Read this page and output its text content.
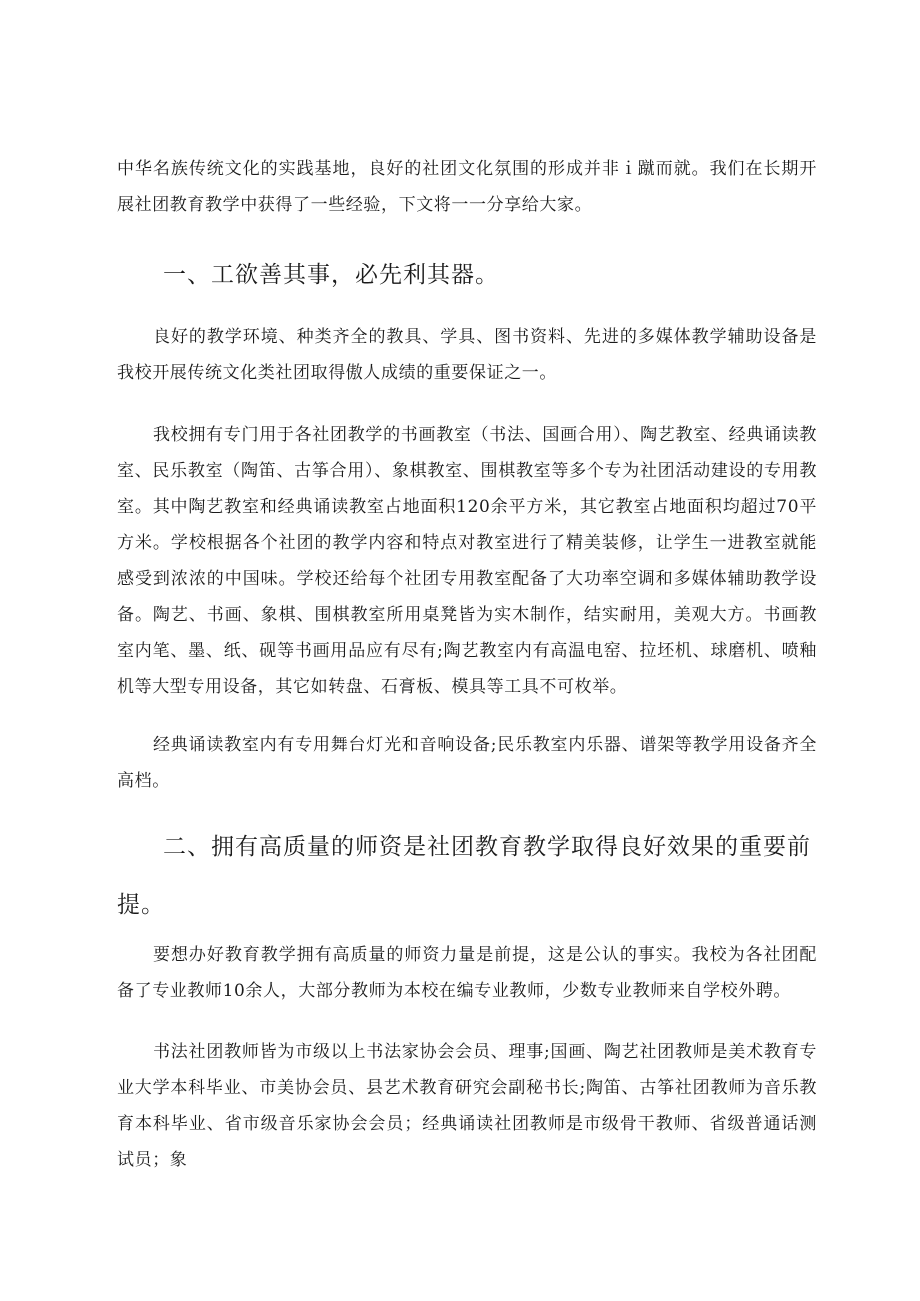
中华名族传统文化的实践基地，良好的社团文化氛围的形成并非ｉ蹴而就。我们在长期开展社团教育教学中获得了一些经验，下文将一一分享给大家。

一、工欲善其事，必先利其器。

良好的教学环境、种类齐全的教具、学具、图书资料、先进的多媒体教学辅助设备是我校开展传统文化类社团取得傲人成绩的重要保证之一。

我校拥有专门用于各社团教学的书画教室（书法、国画合用）、陶艺教室、经典诵读教室、民乐教室（陶笛、古筝合用）、象棋教室、围棋教室等多个专为社团活动建设的专用教室。其中陶艺教室和经典诵读教室占地面积120余平方米，其它教室占地面积均超过70平方米。学校根据各个社团的教学内容和特点对教室进行了精美装修，让学生一进教室就能感受到浓浓的中国味。学校还给每个社团专用教室配备了大功率空调和多媒体辅助教学设备。陶艺、书画、象棋、围棋教室所用桌凳皆为实木制作，结实耐用，美观大方。书画教室内笔、墨、纸、砚等书画用品应有尽有;陶艺教室内有高温电窑、拉坯机、球磨机、喷釉机等大型专用设备，其它如转盘、石膏板、模具等工具不可枚举。

经典诵读教室内有专用舞台灯光和音响设备;民乐教室内乐器、谱架等教学用设备齐全高档。

二、拥有高质量的师资是社团教育教学取得良好效果的重要前提。

要想办好教育教学拥有高质量的师资力量是前提，这是公认的事实。我校为各社团配备了专业教师10余人，大部分教师为本校在编专业教师，少数专业教师来自学校外聘。

书法社团教师皆为市级以上书法家协会会员、理事;国画、陶艺社团教师是美术教育专业大学本科毕业、市美协会员、县艺术教育研究会副秘书长;陶笛、古筝社团教师为音乐教育本科毕业、省市级音乐家协会会员；经典诵读社团教师是市级骨干教师、省级普通话测试员；象
